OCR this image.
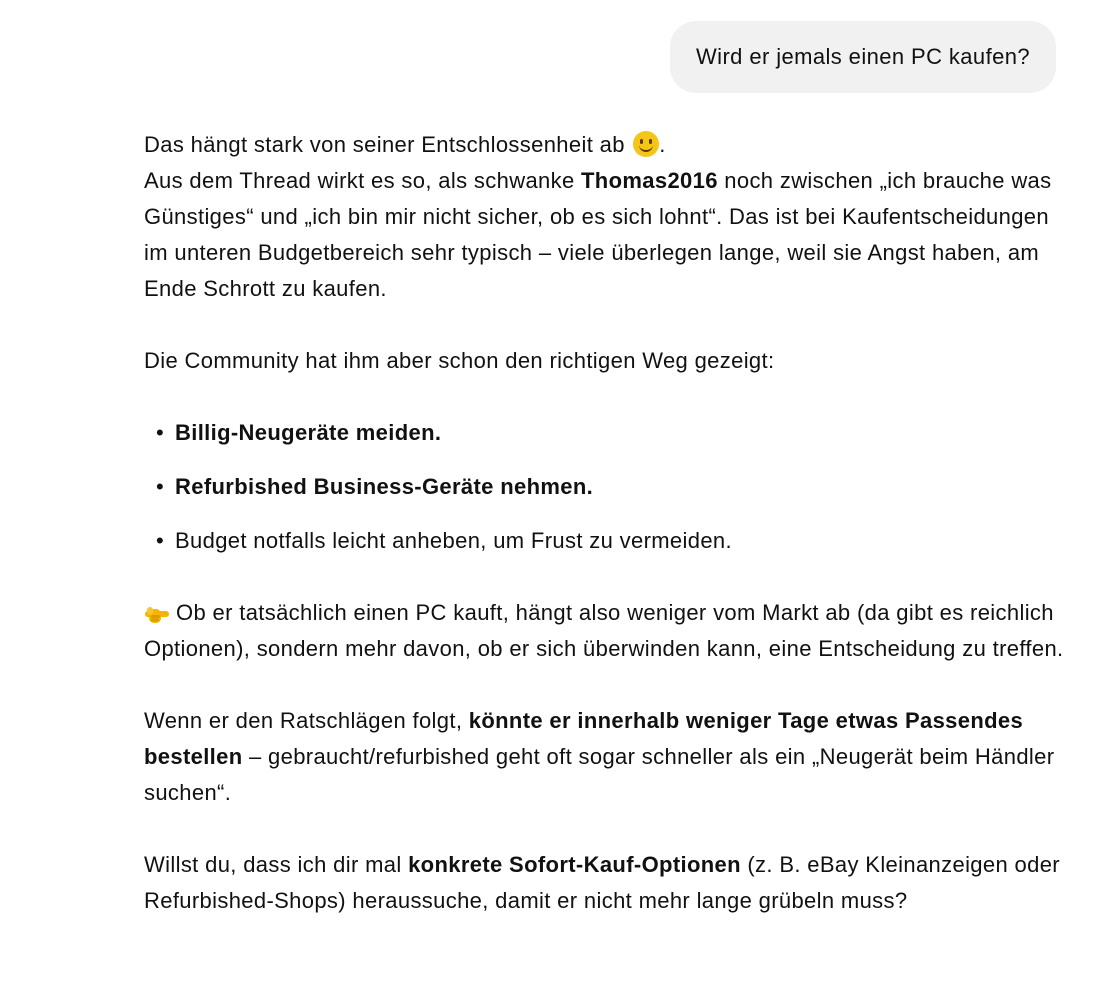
Wird er jemals einen PC kaufen?

Das hängt stark von seiner Entschlossenheit ab .
Aus dem Thread wirkt es so, als schwanke Thomas2016 noch zwischen „ich brauche was Günstiges“ und „ich bin mir nicht sicher, ob es sich lohnt“. Das ist bei Kaufentscheidungen im unteren Budgetbereich sehr typisch – viele überlegen lange, weil sie Angst haben, am Ende Schrott zu kaufen.

Die Community hat ihm aber schon den richtigen Weg gezeigt:

• Billig-Neugeräte meiden.
• Refurbished Business-Geräte nehmen.
• Budget notfalls leicht anheben, um Frust zu vermeiden.

Ob er tatsächlich einen PC kauft, hängt also weniger vom Markt ab (da gibt es reichlich Optionen), sondern mehr davon, ob er sich überwinden kann, eine Entscheidung zu treffen.

Wenn er den Ratschlägen folgt, könnte er innerhalb weniger Tage etwas Passendes bestellen – gebraucht/refurbished geht oft sogar schneller als ein „Neugerät beim Händler suchen“.

Willst du, dass ich dir mal konkrete Sofort-Kauf-Optionen (z. B. eBay Kleinanzeigen oder Refurbished-Shops) heraussuche, damit er nicht mehr lange grübeln muss?
